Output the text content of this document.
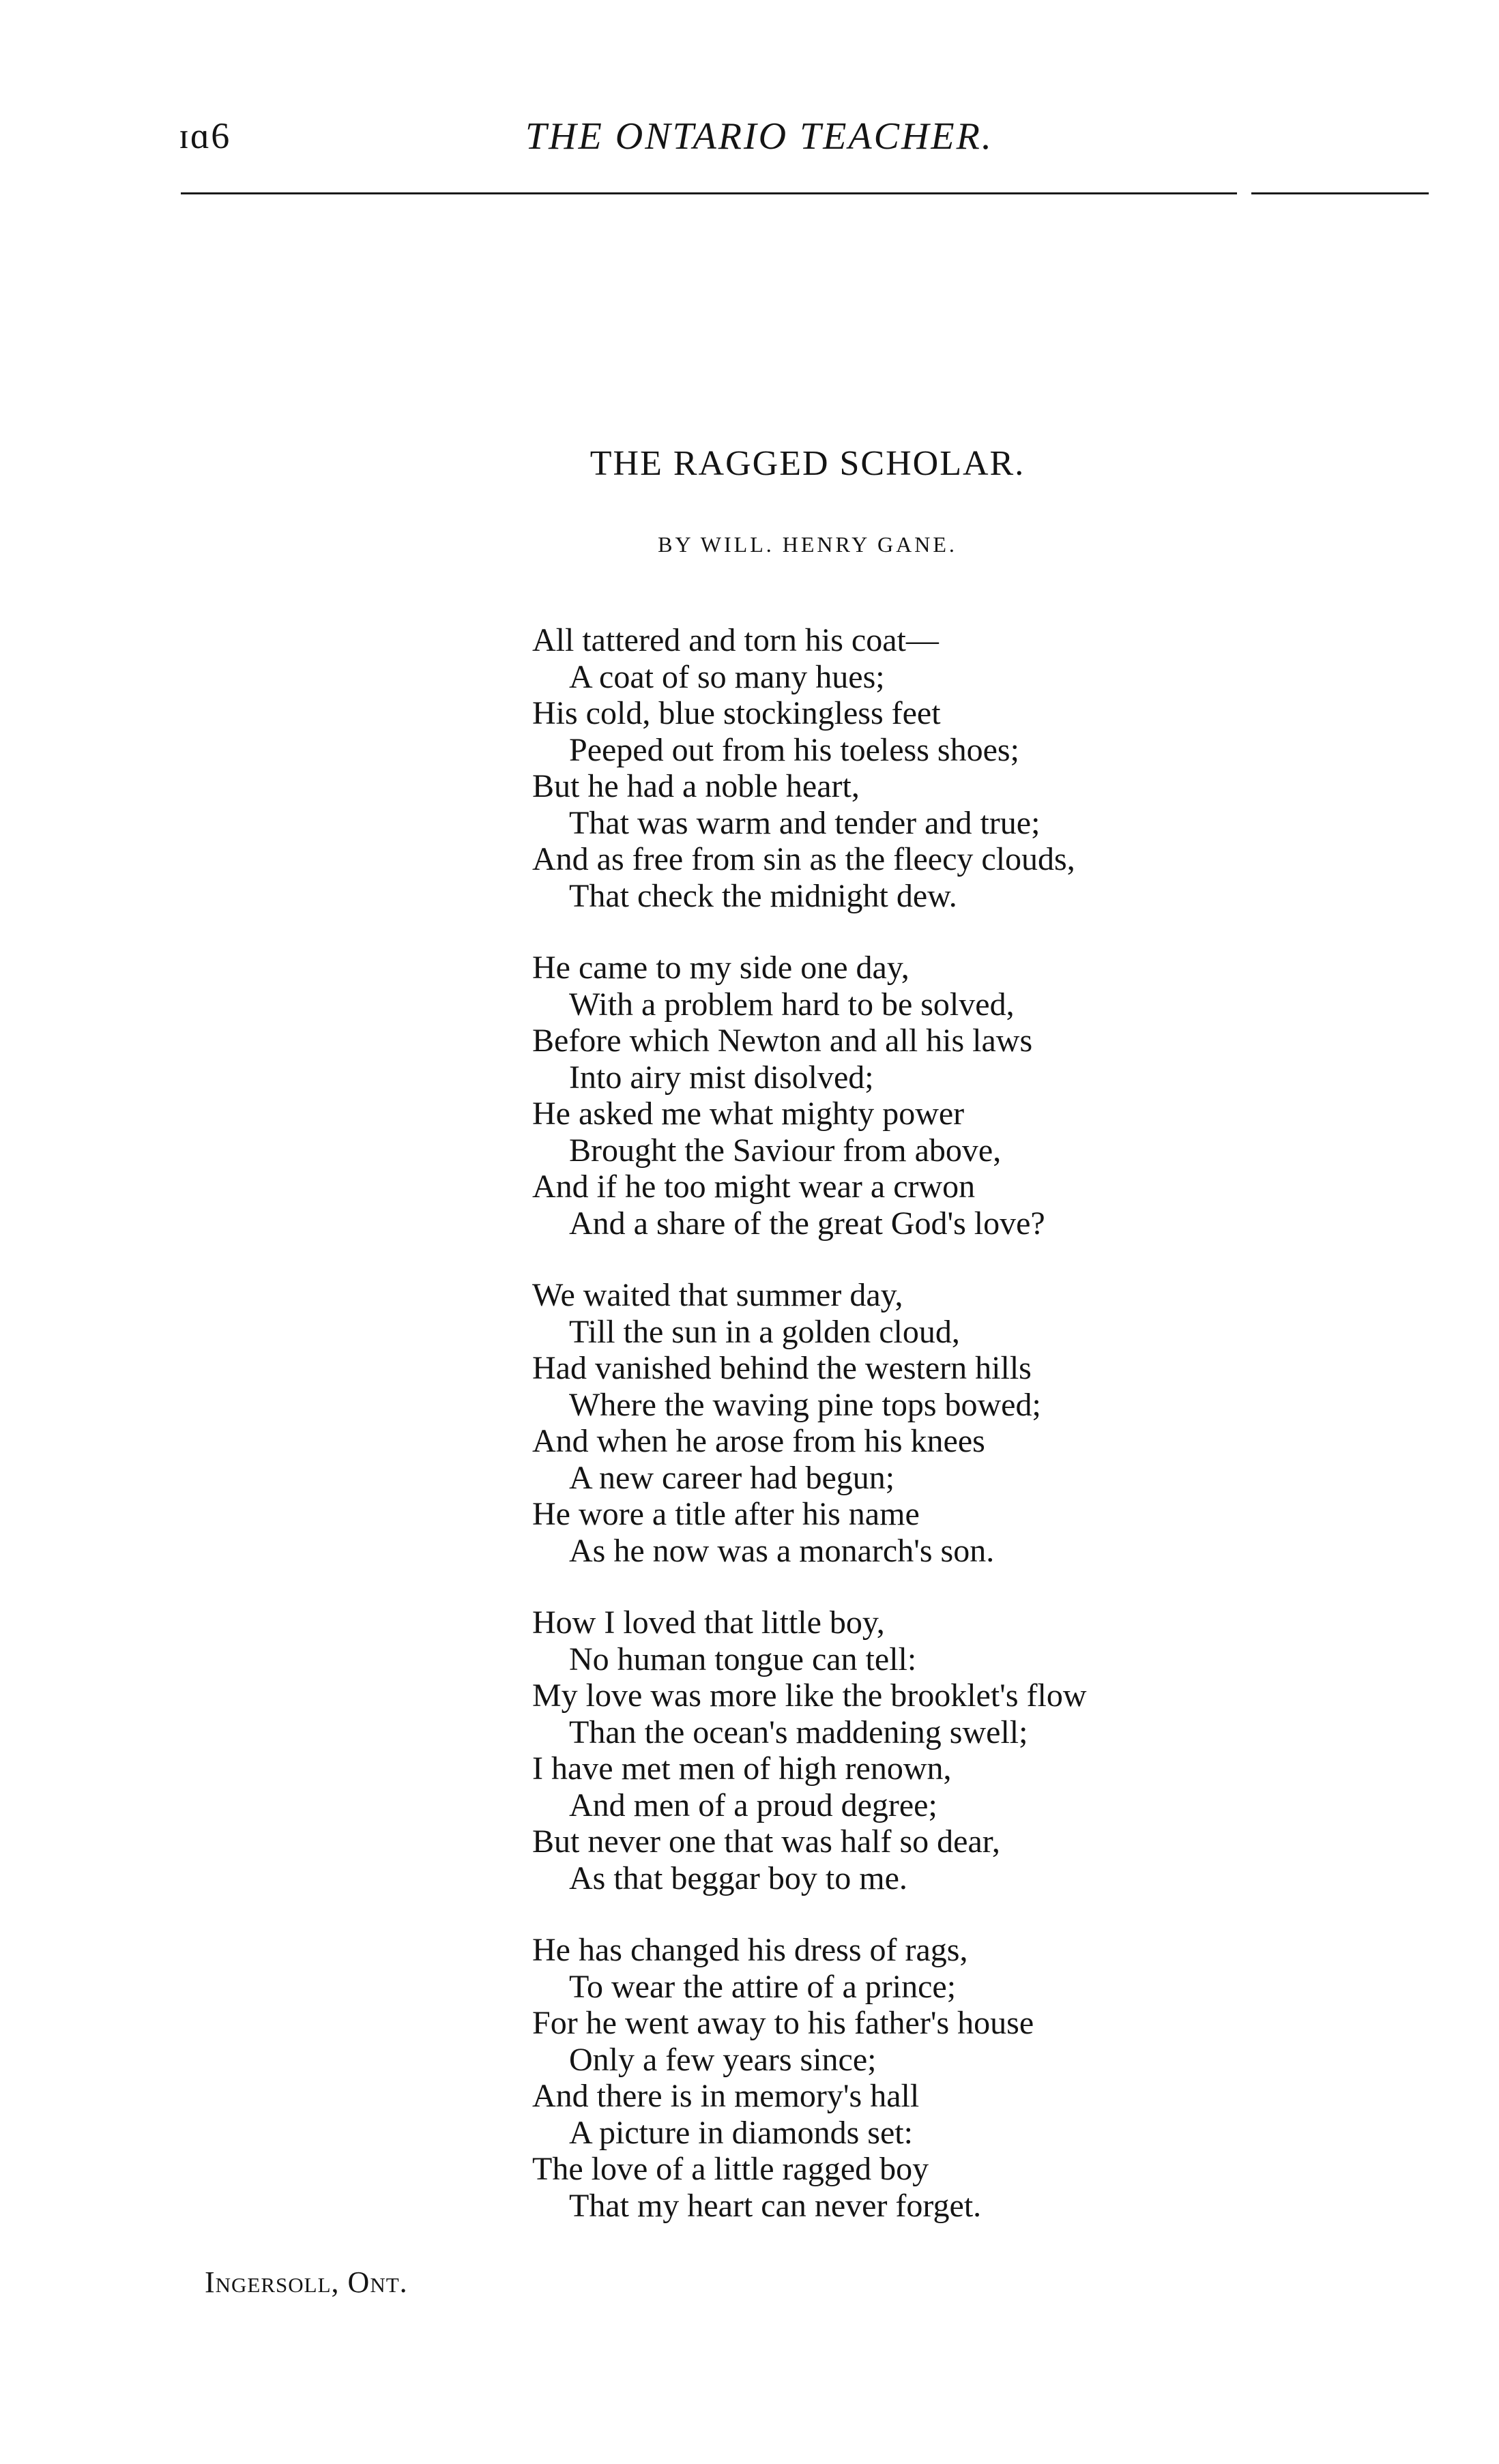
ɪɑ6	THE ONTARIO TEACHER.
THE RAGGED SCHOLAR.
BY WILL. HENRY GANE.
All tattered and torn his coat—
A coat of so many hues;
His cold, blue stockingless feet
Peeped out from his toeless shoes;
But he had a noble heart,
That was warm and tender and true;
And as free from sin as the fleecy clouds,
That check the midnight dew.
He came to my side one day,
With a problem hard to be solved,
Before which Newton and all his laws
Into airy mist disolved;
He asked me what mighty power
Brought the Saviour from above,
And if he too might wear a crwon
And a share of the great God's love?
We waited that summer day,
Till the sun in a golden cloud,
Had vanished behind the western hills
Where the waving pine tops bowed;
And when he arose from his knees
A new career had begun;
He wore a title after his name
As he now was a monarch's son.
How I loved that little boy,
No human tongue can tell:
My love was more like the brooklet's flow
Than the ocean's maddening swell;
I have met men of high renown,
And men of a proud degree;
But never one that was half so dear,
As that beggar boy to me.
He has changed his dress of rags,
To wear the attire of a prince;
For he went away to his father's house
Only a few years since;
And there is in memory's hall
A picture in diamonds set:
The love of a little ragged boy
That my heart can never forget.
Ingersoll, Ont.
